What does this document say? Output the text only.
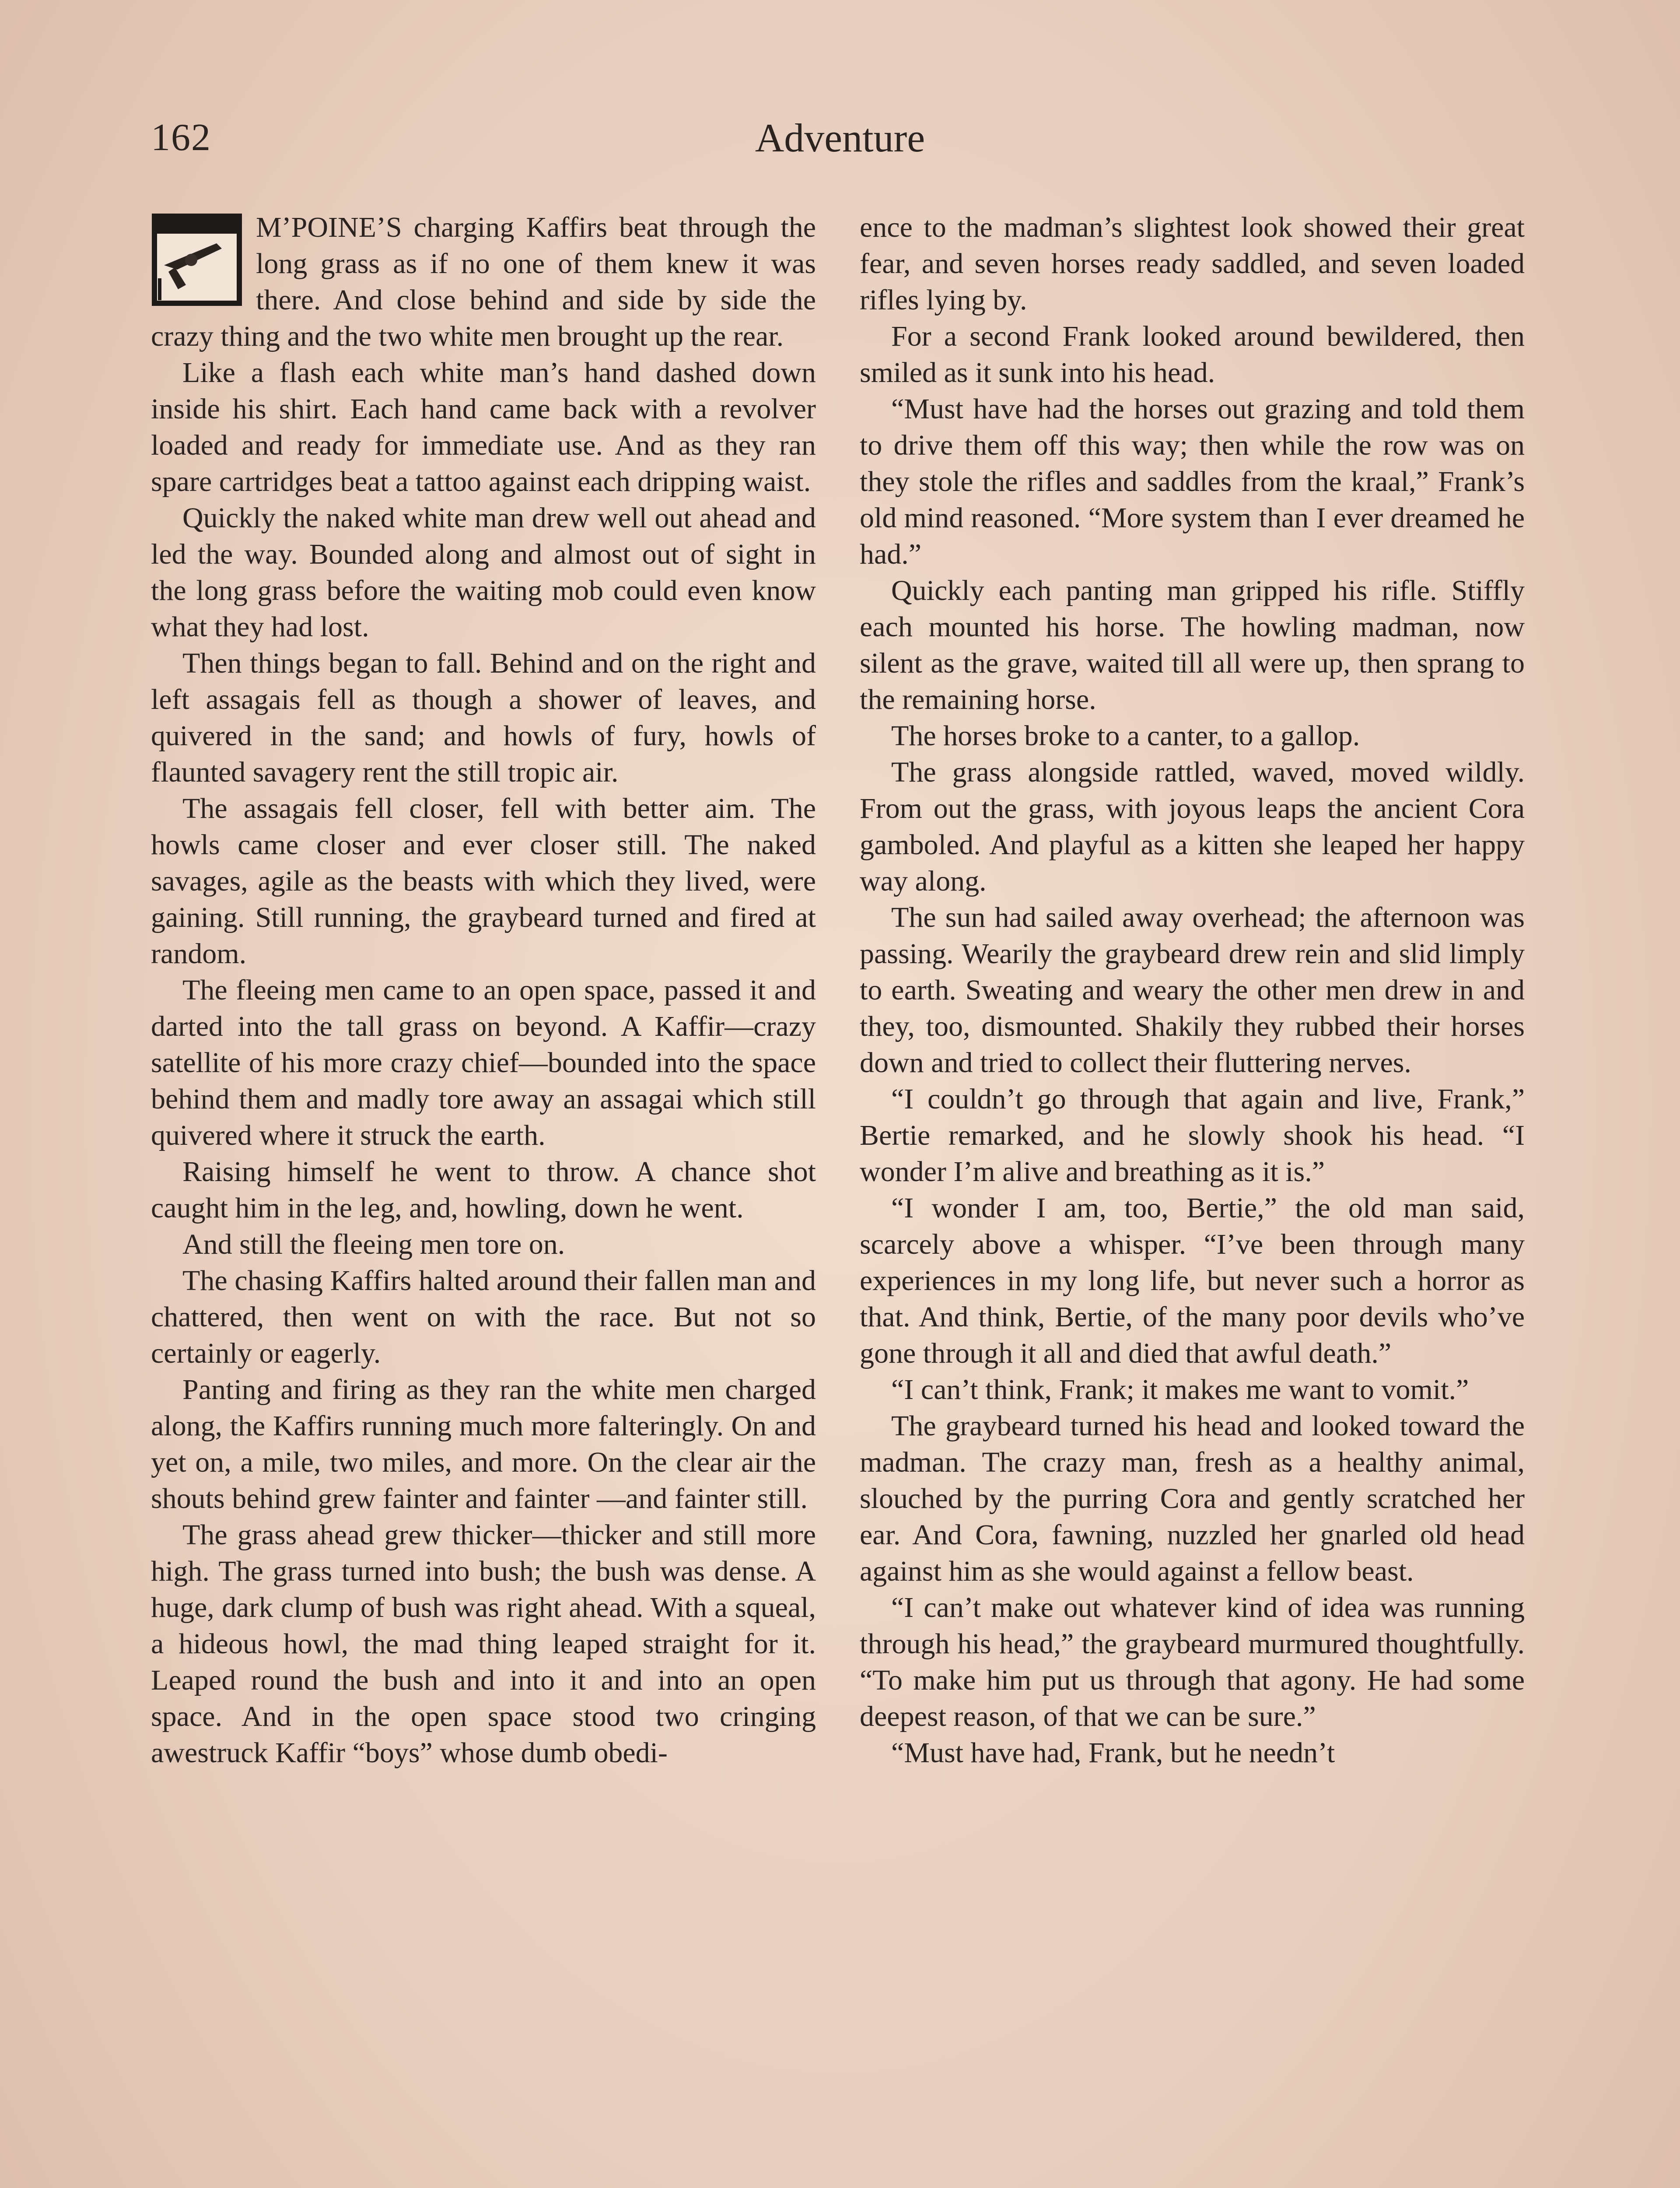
162	Adventure

M’POINE’S charging Kaffirs beat through the long grass as if no one of them knew it was there. And close behind and side by side the crazy thing and the two white men brought up the rear.

Like a flash each white man’s hand dashed down inside his shirt. Each hand came back with a revolver loaded and ready for immediate use. And as they ran spare cartridges beat a tattoo against each dripping waist.

Quickly the naked white man drew well out ahead and led the way. Bounded along and almost out of sight in the long grass before the waiting mob could even know what they had lost.

Then things began to fall. Behind and on the right and left assagais fell as though a shower of leaves, and quivered in the sand; and howls of fury, howls of flaunted savagery rent the still tropic air.

The assagais fell closer, fell with better aim. The howls came closer and ever closer still. The naked savages, agile as the beasts with which they lived, were gaining. Still running, the graybeard turned and fired at random.

The fleeing men came to an open space, passed it and darted into the tall grass on beyond. A Kaffir—crazy satellite of his more crazy chief—bounded into the space behind them and madly tore away an assagai which still quivered where it struck the earth.

Raising himself he went to throw. A chance shot caught him in the leg, and, howling, down he went.

And still the fleeing men tore on.

The chasing Kaffirs halted around their fallen man and chattered, then went on with the race. But not so certainly or eagerly.

Panting and firing as they ran the white men charged along, the Kaffirs running much more falteringly. On and yet on, a mile, two miles, and more. On the clear air the shouts behind grew fainter and fainter —and fainter still.

The grass ahead grew thicker—thicker and still more high. The grass turned into bush; the bush was dense. A huge, dark clump of bush was right ahead. With a squeal, a hideous howl, the mad thing leaped straight for it. Leaped round the bush and into it and into an open space. And in the open space stood two cringing awestruck Kaffir “boys” whose dumb obedi-

ence to the madman’s slightest look showed their great fear, and seven horses ready saddled, and seven loaded rifles lying by.

For a second Frank looked around bewildered, then smiled as it sunk into his head.

“Must have had the horses out grazing and told them to drive them off this way; then while the row was on they stole the rifles and saddles from the kraal,” Frank’s old mind reasoned. “More system than I ever dreamed he had.”

Quickly each panting man gripped his rifle. Stiffly each mounted his horse. The howling madman, now silent as the grave, waited till all were up, then sprang to the remaining horse.

The horses broke to a canter, to a gallop.

The grass alongside rattled, waved, moved wildly. From out the grass, with joyous leaps the ancient Cora gamboled. And playful as a kitten she leaped her happy way along.

The sun had sailed away overhead; the afternoon was passing. Wearily the graybeard drew rein and slid limply to earth. Sweating and weary the other men drew in and they, too, dismounted. Shakily they rubbed their horses down and tried to collect their fluttering nerves.

“I couldn’t go through that again and live, Frank,” Bertie remarked, and he slowly shook his head. “I wonder I’m alive and breathing as it is.”

“I wonder I am, too, Bertie,” the old man said, scarcely above a whisper. “I’ve been through many experiences in my long life, but never such a horror as that. And think, Bertie, of the many poor devils who’ve gone through it all and died that awful death.”

“I can’t think, Frank; it makes me want to vomit.”

The graybeard turned his head and looked toward the madman. The crazy man, fresh as a healthy animal, slouched by the purring Cora and gently scratched her ear. And Cora, fawning, nuzzled her gnarled old head against him as she would against a fellow beast.

“I can’t make out whatever kind of idea was running through his head,” the graybeard murmured thoughtfully. “To make him put us through that agony. He had some deepest reason, of that we can be sure.”

“Must have had, Frank, but he needn’t
